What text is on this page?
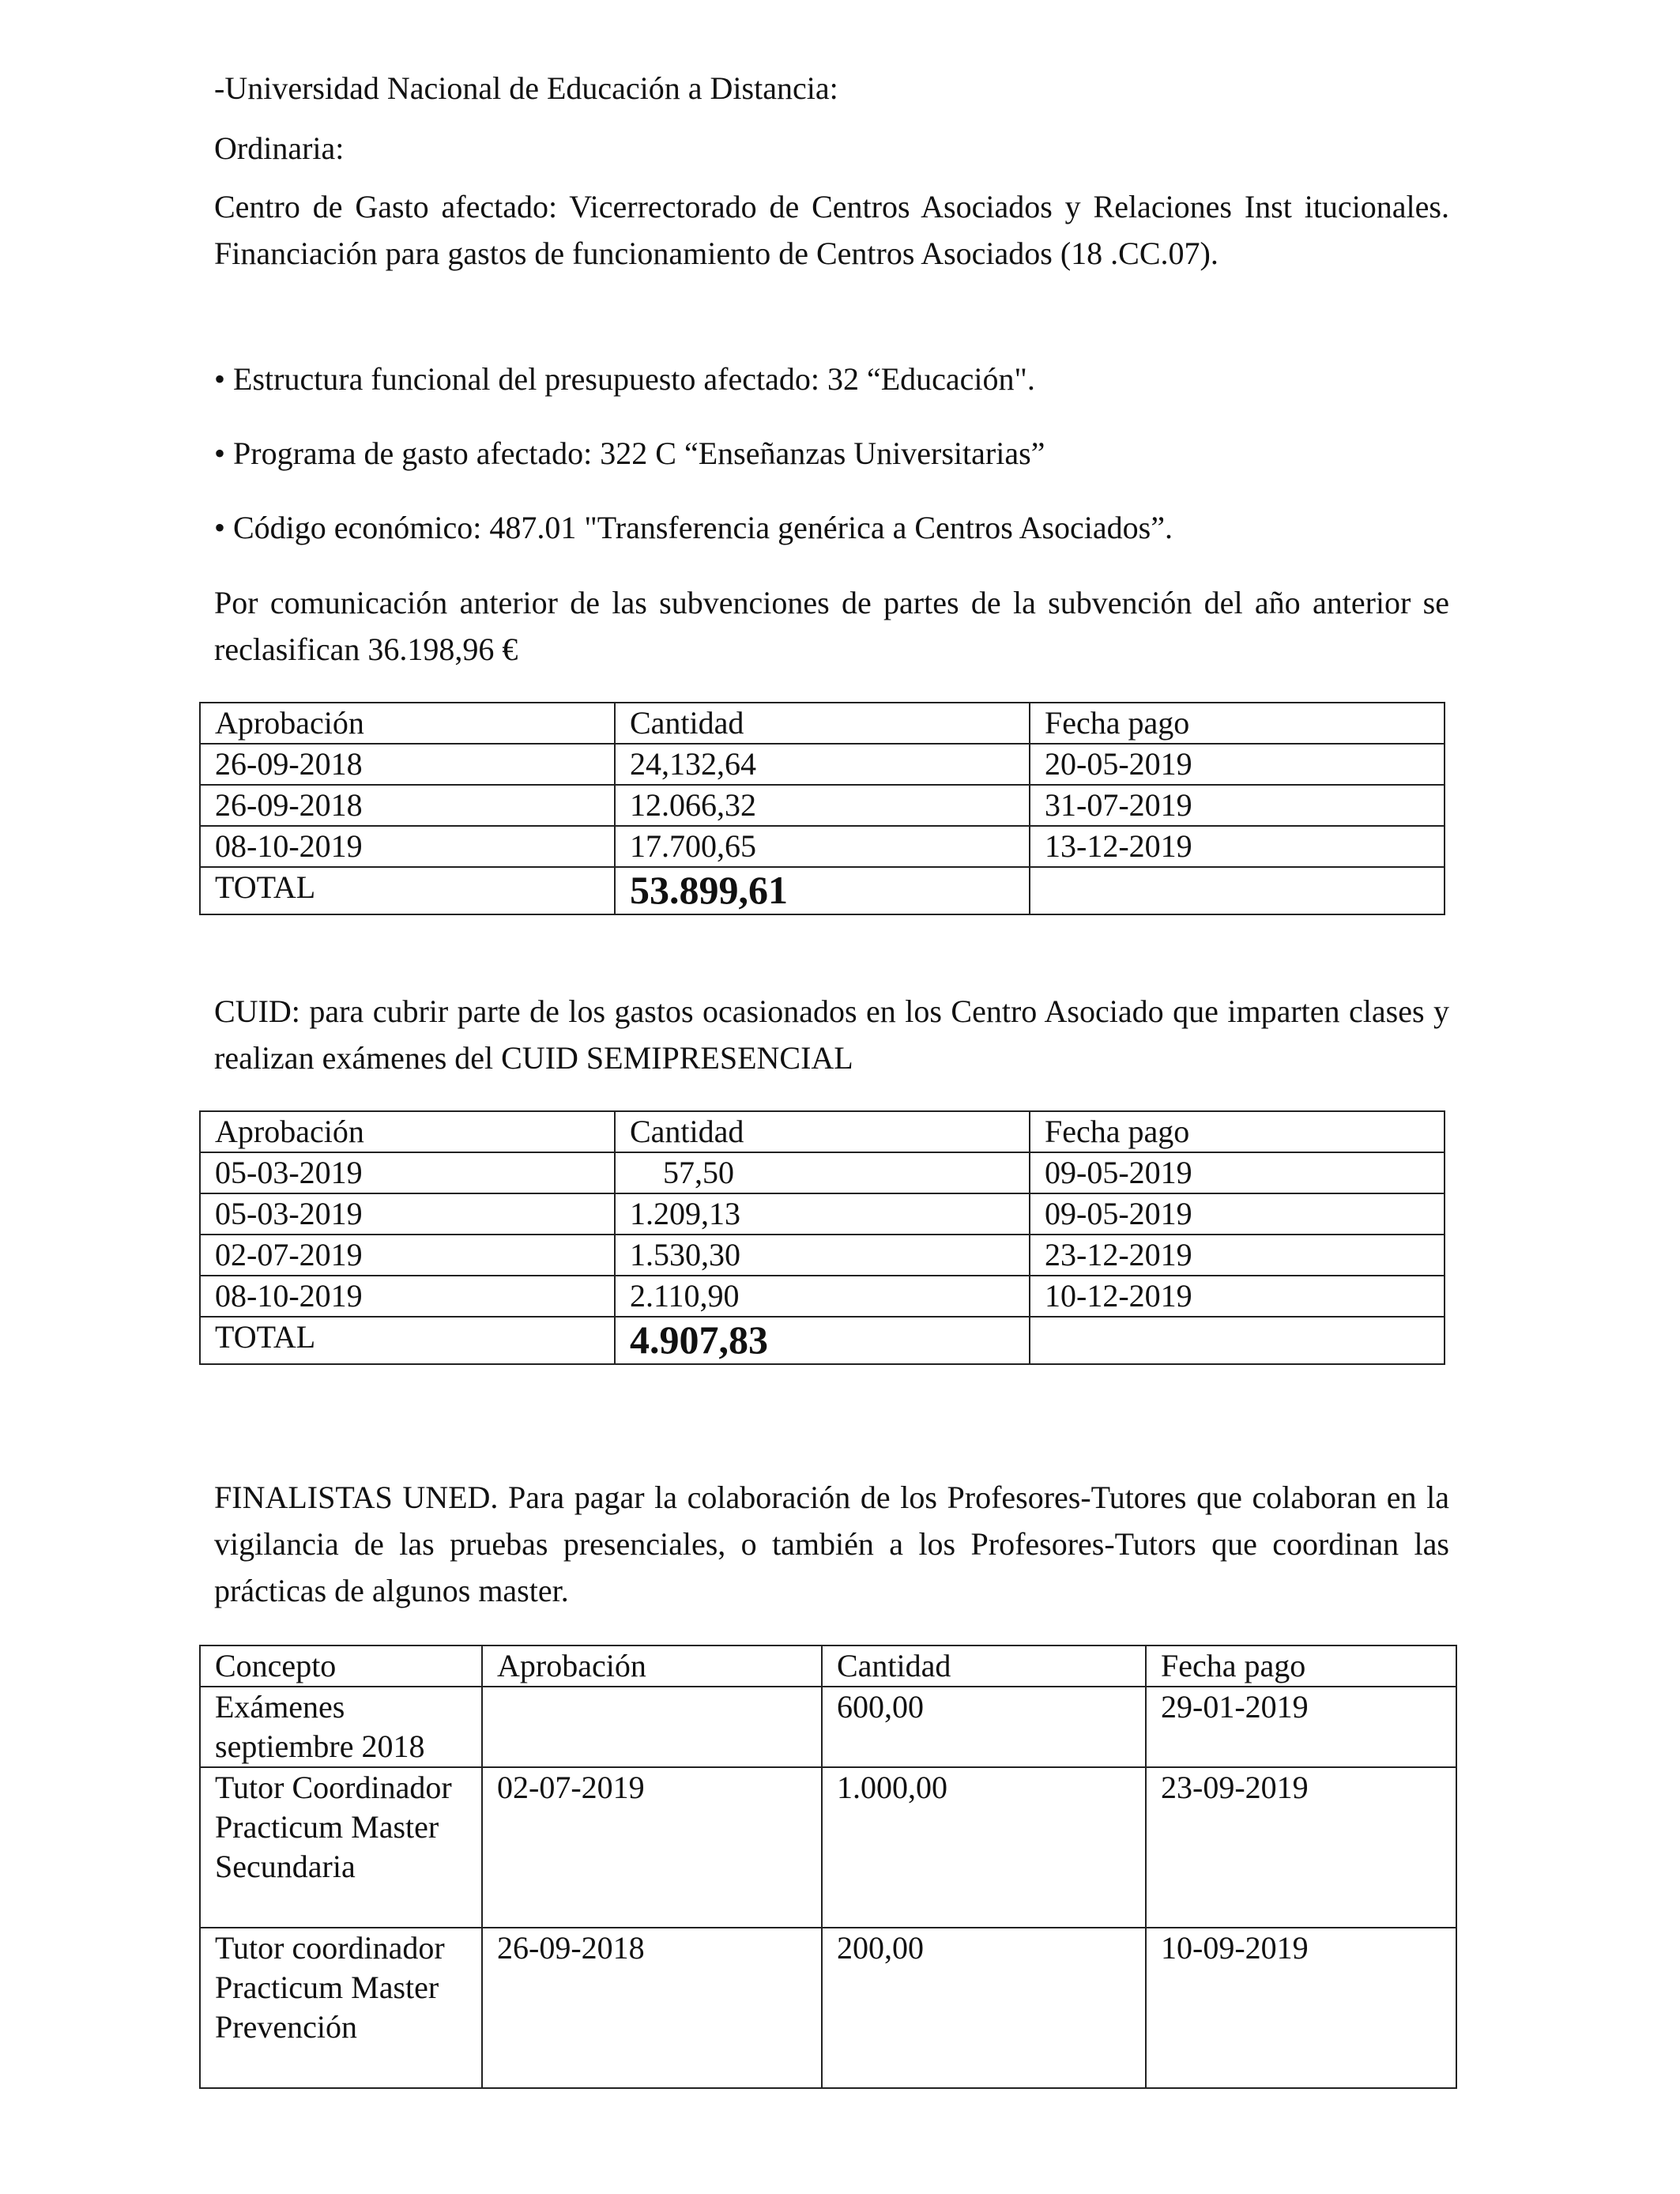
-Universidad Nacional de Educación a Distancia:

Ordinaria:

Centro de Gasto afectado: Vicerrectorado de Centros Asociados y Relaciones Inst itucionales. Financiación para gastos de funcionamiento de Centros Asociados (18 .CC.07).

• Estructura funcional del presupuesto afectado: 32 “Educación".

• Programa de gasto afectado: 322 C “Enseñanzas Universitarias”

• Código económico: 487.01 "Transferencia genérica a Centros Asociados”.

Por comunicación anterior de las subvenciones de partes de la subvención del año anterior se reclasifican 36.198,96 €

Aprobación	Cantidad	Fecha pago
26-09-2018	24,132,64	20-05-2019
26-09-2018	12.066,32	31-07-2019
08-10-2019	17.700,65	13-12-2019
TOTAL	53.899,61	

CUID: para cubrir parte de los gastos ocasionados en los Centro Asociado que imparten clases y realizan exámenes del CUID SEMIPRESENCIAL

Aprobación	Cantidad	Fecha pago
05-03-2019	57,50	09-05-2019
05-03-2019	1.209,13	09-05-2019
02-07-2019	1.530,30	23-12-2019
08-10-2019	2.110,90	10-12-2019
TOTAL	4.907,83	

FINALISTAS UNED. Para pagar la colaboración de los Profesores-Tutores que colaboran en la vigilancia de las pruebas presenciales, o también a los Profesores-Tutors que coordinan las prácticas de algunos master.

Concepto	Aprobación	Cantidad	Fecha pago
Exámenes septiembre 2018		600,00	29-01-2019
Tutor Coordinador Practicum Master Secundaria	02-07-2019	1.000,00	23-09-2019
Tutor coordinador Practicum Master Prevención	26-09-2018	200,00	10-09-2019
